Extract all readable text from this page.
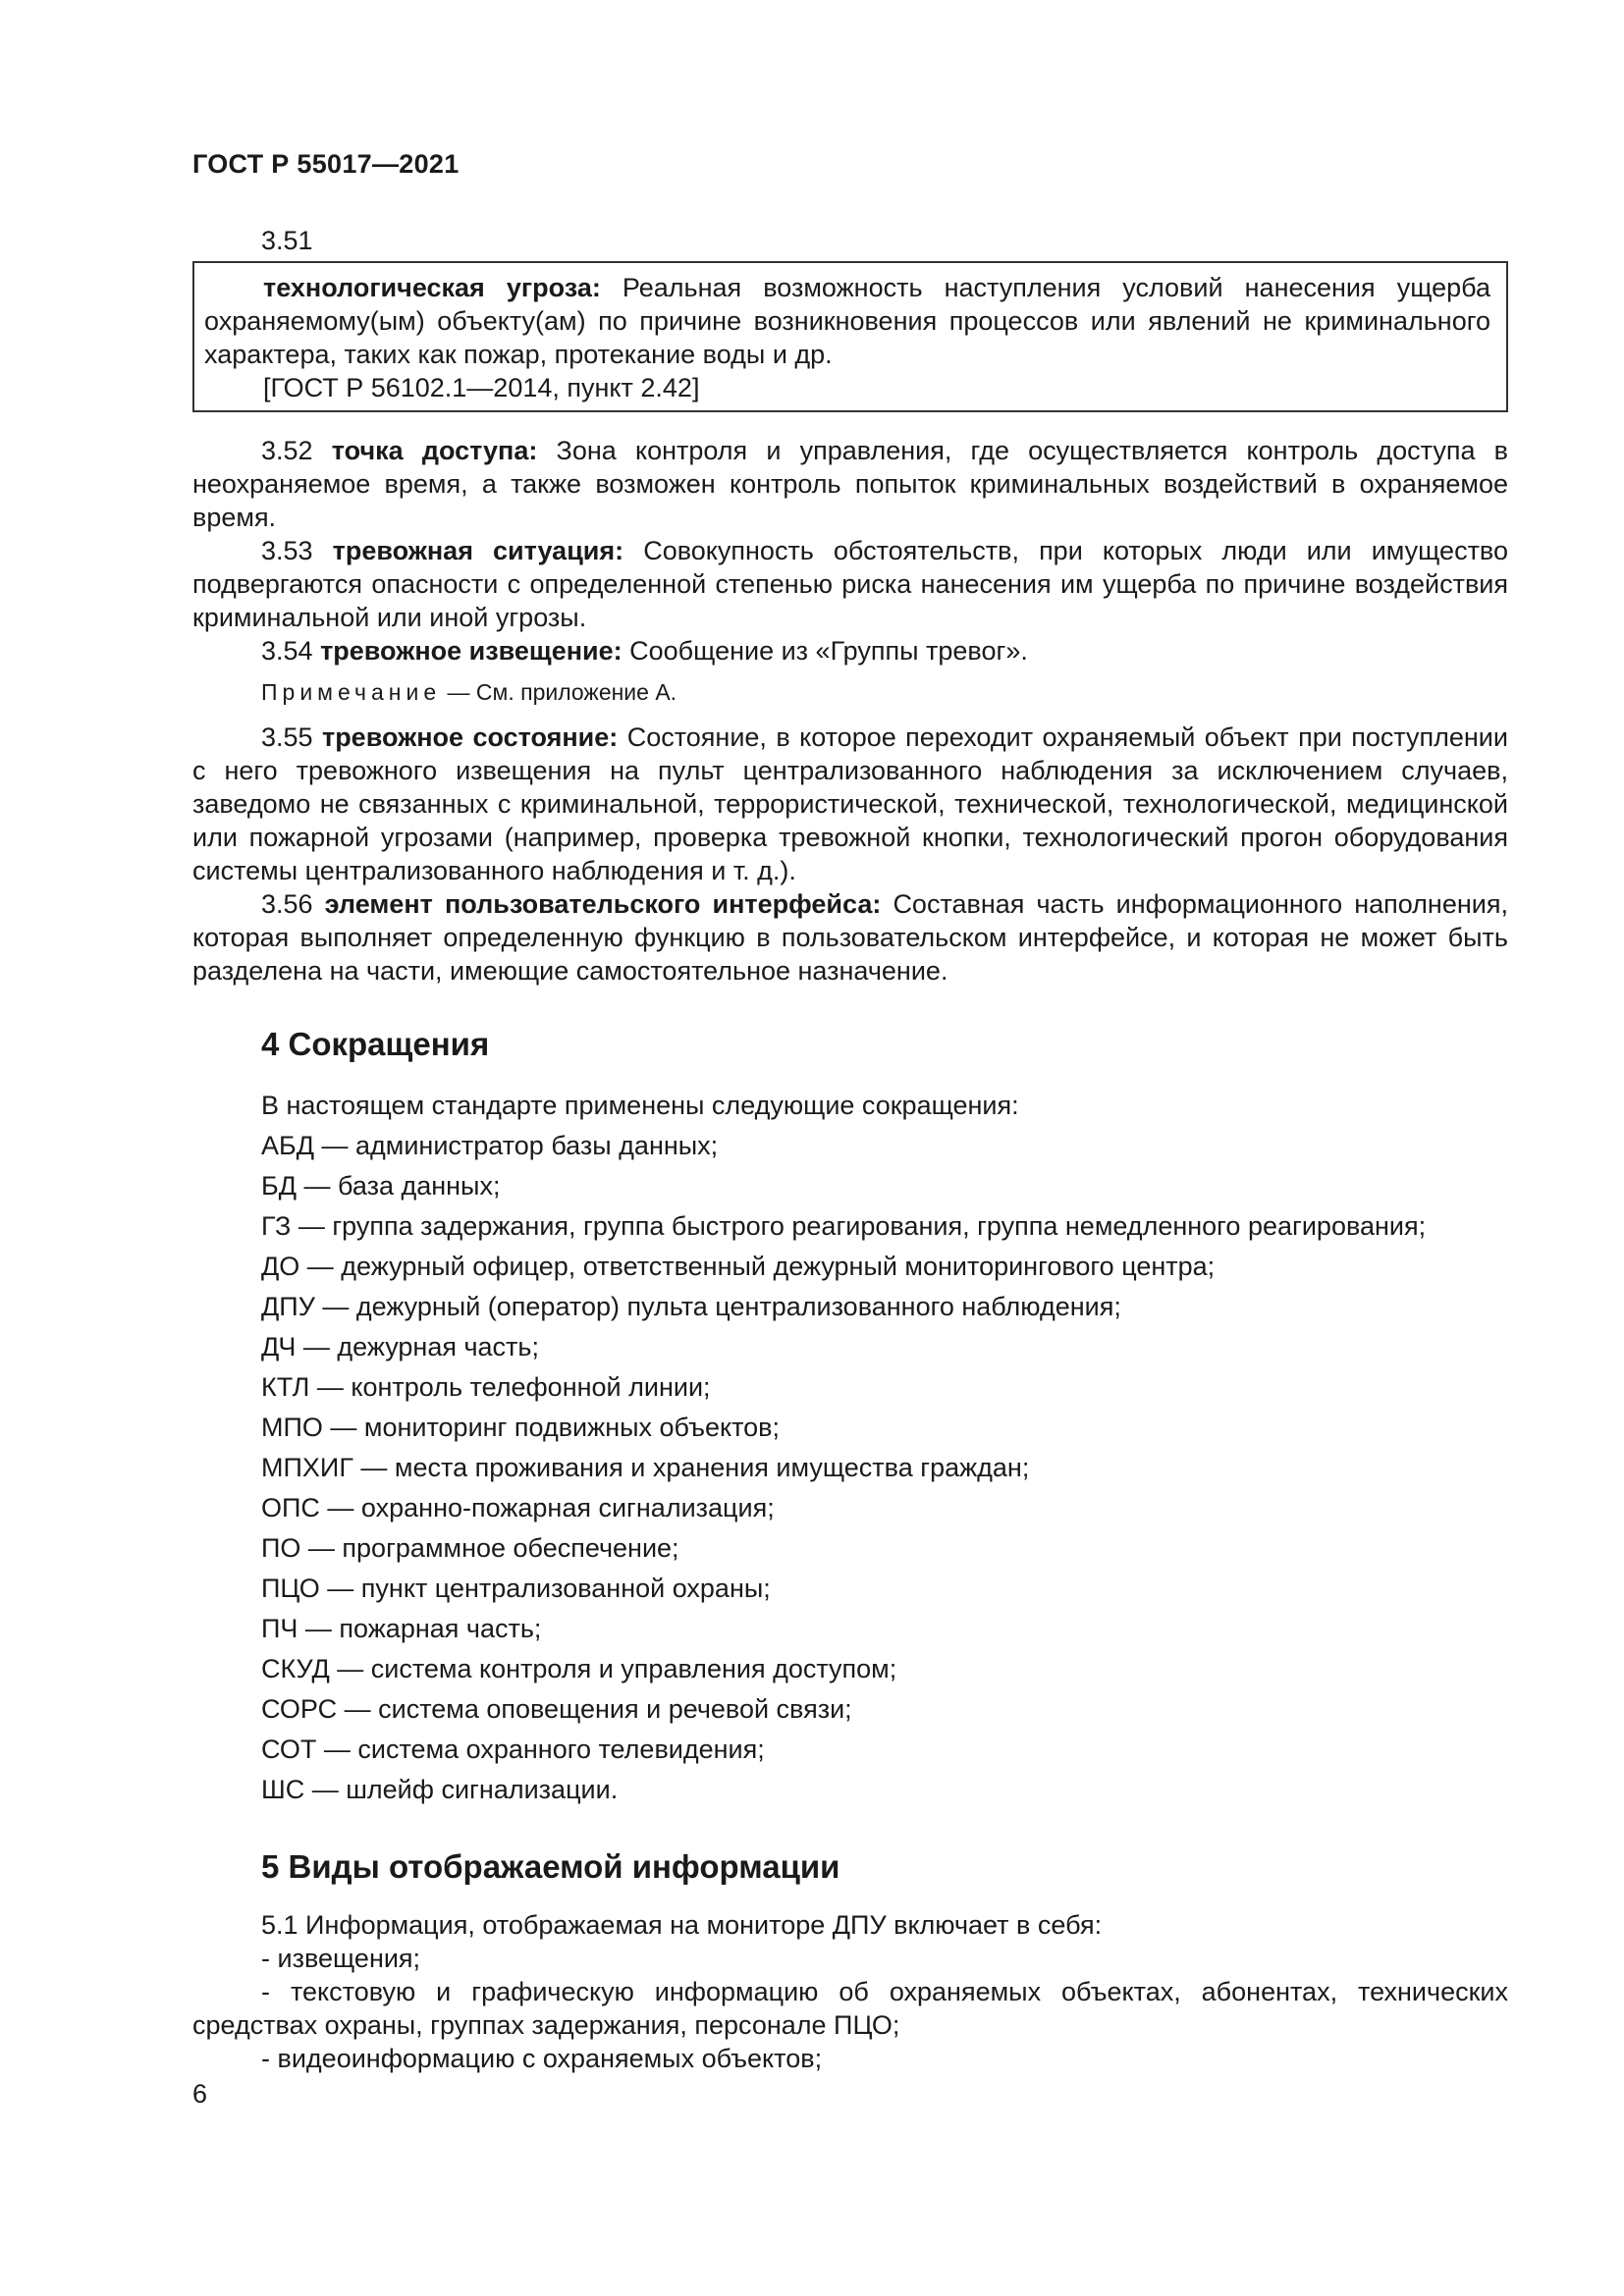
ГОСТ Р 55017—2021

3.51

технологическая угроза: Реальная возможность наступления условий нанесения ущерба охраняемому(ым) объекту(ам) по причине возникновения процессов или явлений не криминального характера, таких как пожар, протекание воды и др.

[ГОСТ Р 56102.1—2014, пункт 2.42]

3.52 точка доступа: Зона контроля и управления, где осуществляется контроль доступа в неохраняемое время, а также возможен контроль попыток криминальных воздействий в охраняемое время.

3.53 тревожная ситуация: Совокупность обстоятельств, при которых люди или имущество подвергаются опасности с определенной степенью риска нанесения им ущерба по причине воздействия криминальной или иной угрозы.

3.54 тревожное извещение: Сообщение из «Группы тревог».

Примечание — См. приложение А.

3.55 тревожное состояние: Состояние, в которое переходит охраняемый объект при поступлении с него тревожного извещения на пульт централизованного наблюдения за исключением случаев, заведомо не связанных с криминальной, террористической, технической, технологической, медицинской или пожарной угрозами (например, проверка тревожной кнопки, технологический прогон оборудования системы централизованного наблюдения и т. д.).

3.56 элемент пользовательского интерфейса: Составная часть информационного наполнения, которая выполняет определенную функцию в пользовательском интерфейсе, и которая не может быть разделена на части, имеющие самостоятельное назначение.

4 Сокращения

В настоящем стандарте применены следующие сокращения:

АБД — администратор базы данных;

БД — база данных;

ГЗ — группа задержания, группа быстрого реагирования, группа немедленного реагирования;

ДО — дежурный офицер, ответственный дежурный мониторингового центра;

ДПУ — дежурный (оператор) пульта централизованного наблюдения;

ДЧ — дежурная часть;

КТЛ — контроль телефонной линии;

МПО — мониторинг подвижных объектов;

МПХИГ — места проживания и хранения имущества граждан;

ОПС — охранно-пожарная сигнализация;

ПО — программное обеспечение;

ПЦО — пункт централизованной охраны;

ПЧ — пожарная часть;

СКУД — система контроля и управления доступом;

СОРС — система оповещения и речевой связи;

СОТ — система охранного телевидения;

ШС — шлейф сигнализации.

5 Виды отображаемой информации

5.1 Информация, отображаемая на мониторе ДПУ включает в себя:

- извещения;

- текстовую и графическую информацию об охраняемых объектах, абонентах, технических средствах охраны, группах задержания, персонале ПЦО;

- видеоинформацию с охраняемых объектов;

6
